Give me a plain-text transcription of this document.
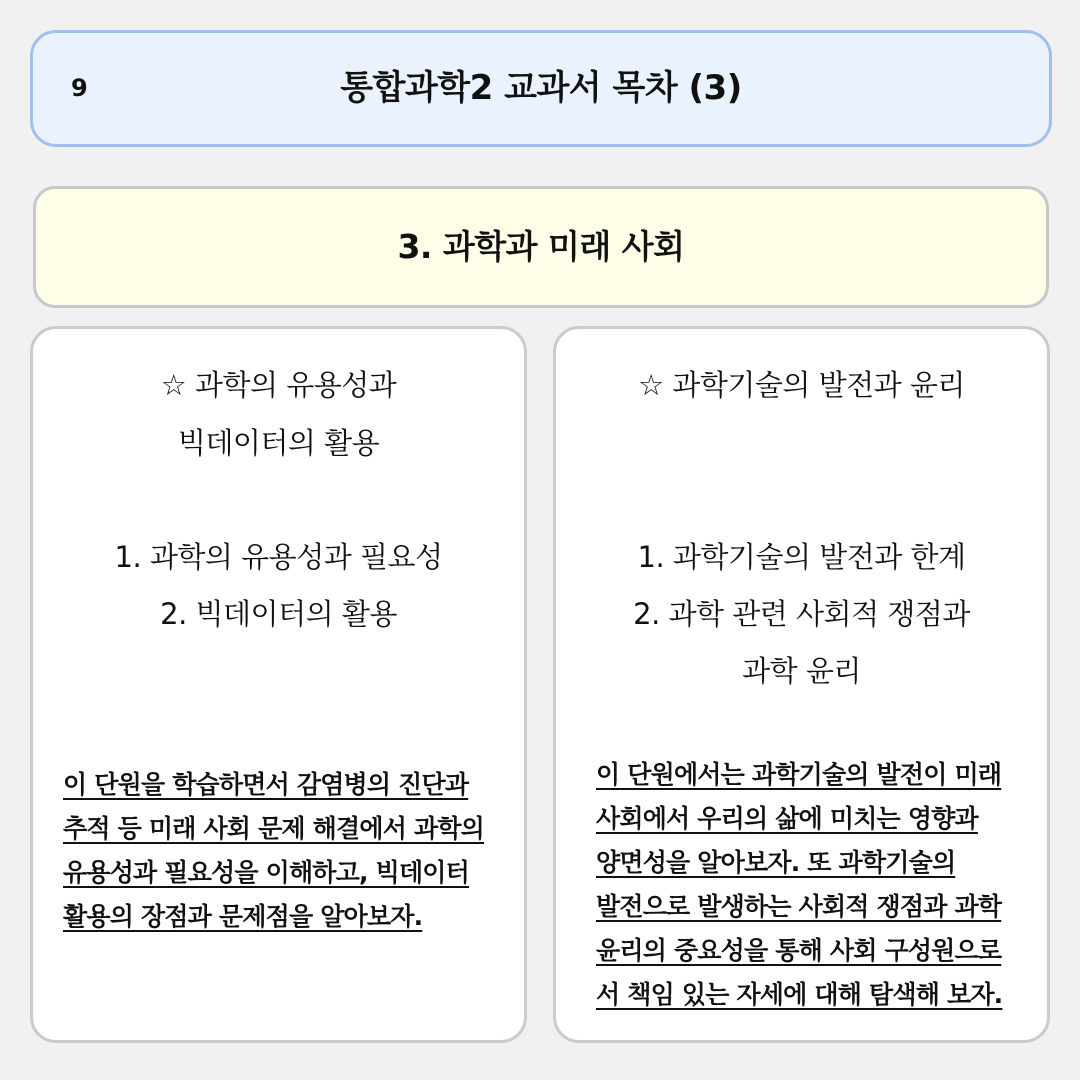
9	통합과학2 교과서 목차 (3)
3. 과학과 미래 사회
☆ 과학의 유용성과
빅데이터의 활용
1. 과학의 유용성과 필요성
2. 빅데이터의 활용
이 단원을 학습하면서 감염병의 진단과
추적 등 미래 사회 문제 해결에서 과학의
유용성과 필요성을 이해하고, 빅데이터
활용의 장점과 문제점을 알아보자.
☆ 과학기술의 발전과 윤리
1. 과학기술의 발전과 한계
2. 과학 관련 사회적 쟁점과
과학 윤리
이 단원에서는 과학기술의 발전이 미래
사회에서 우리의 삶에 미치는 영향과
양면성을 알아보자. 또 과학기술의
발전으로 발생하는 사회적 쟁점과 과학
윤리의 중요성을 통해 사회 구성원으로
서 책임 있는 자세에 대해 탐색해 보자.
